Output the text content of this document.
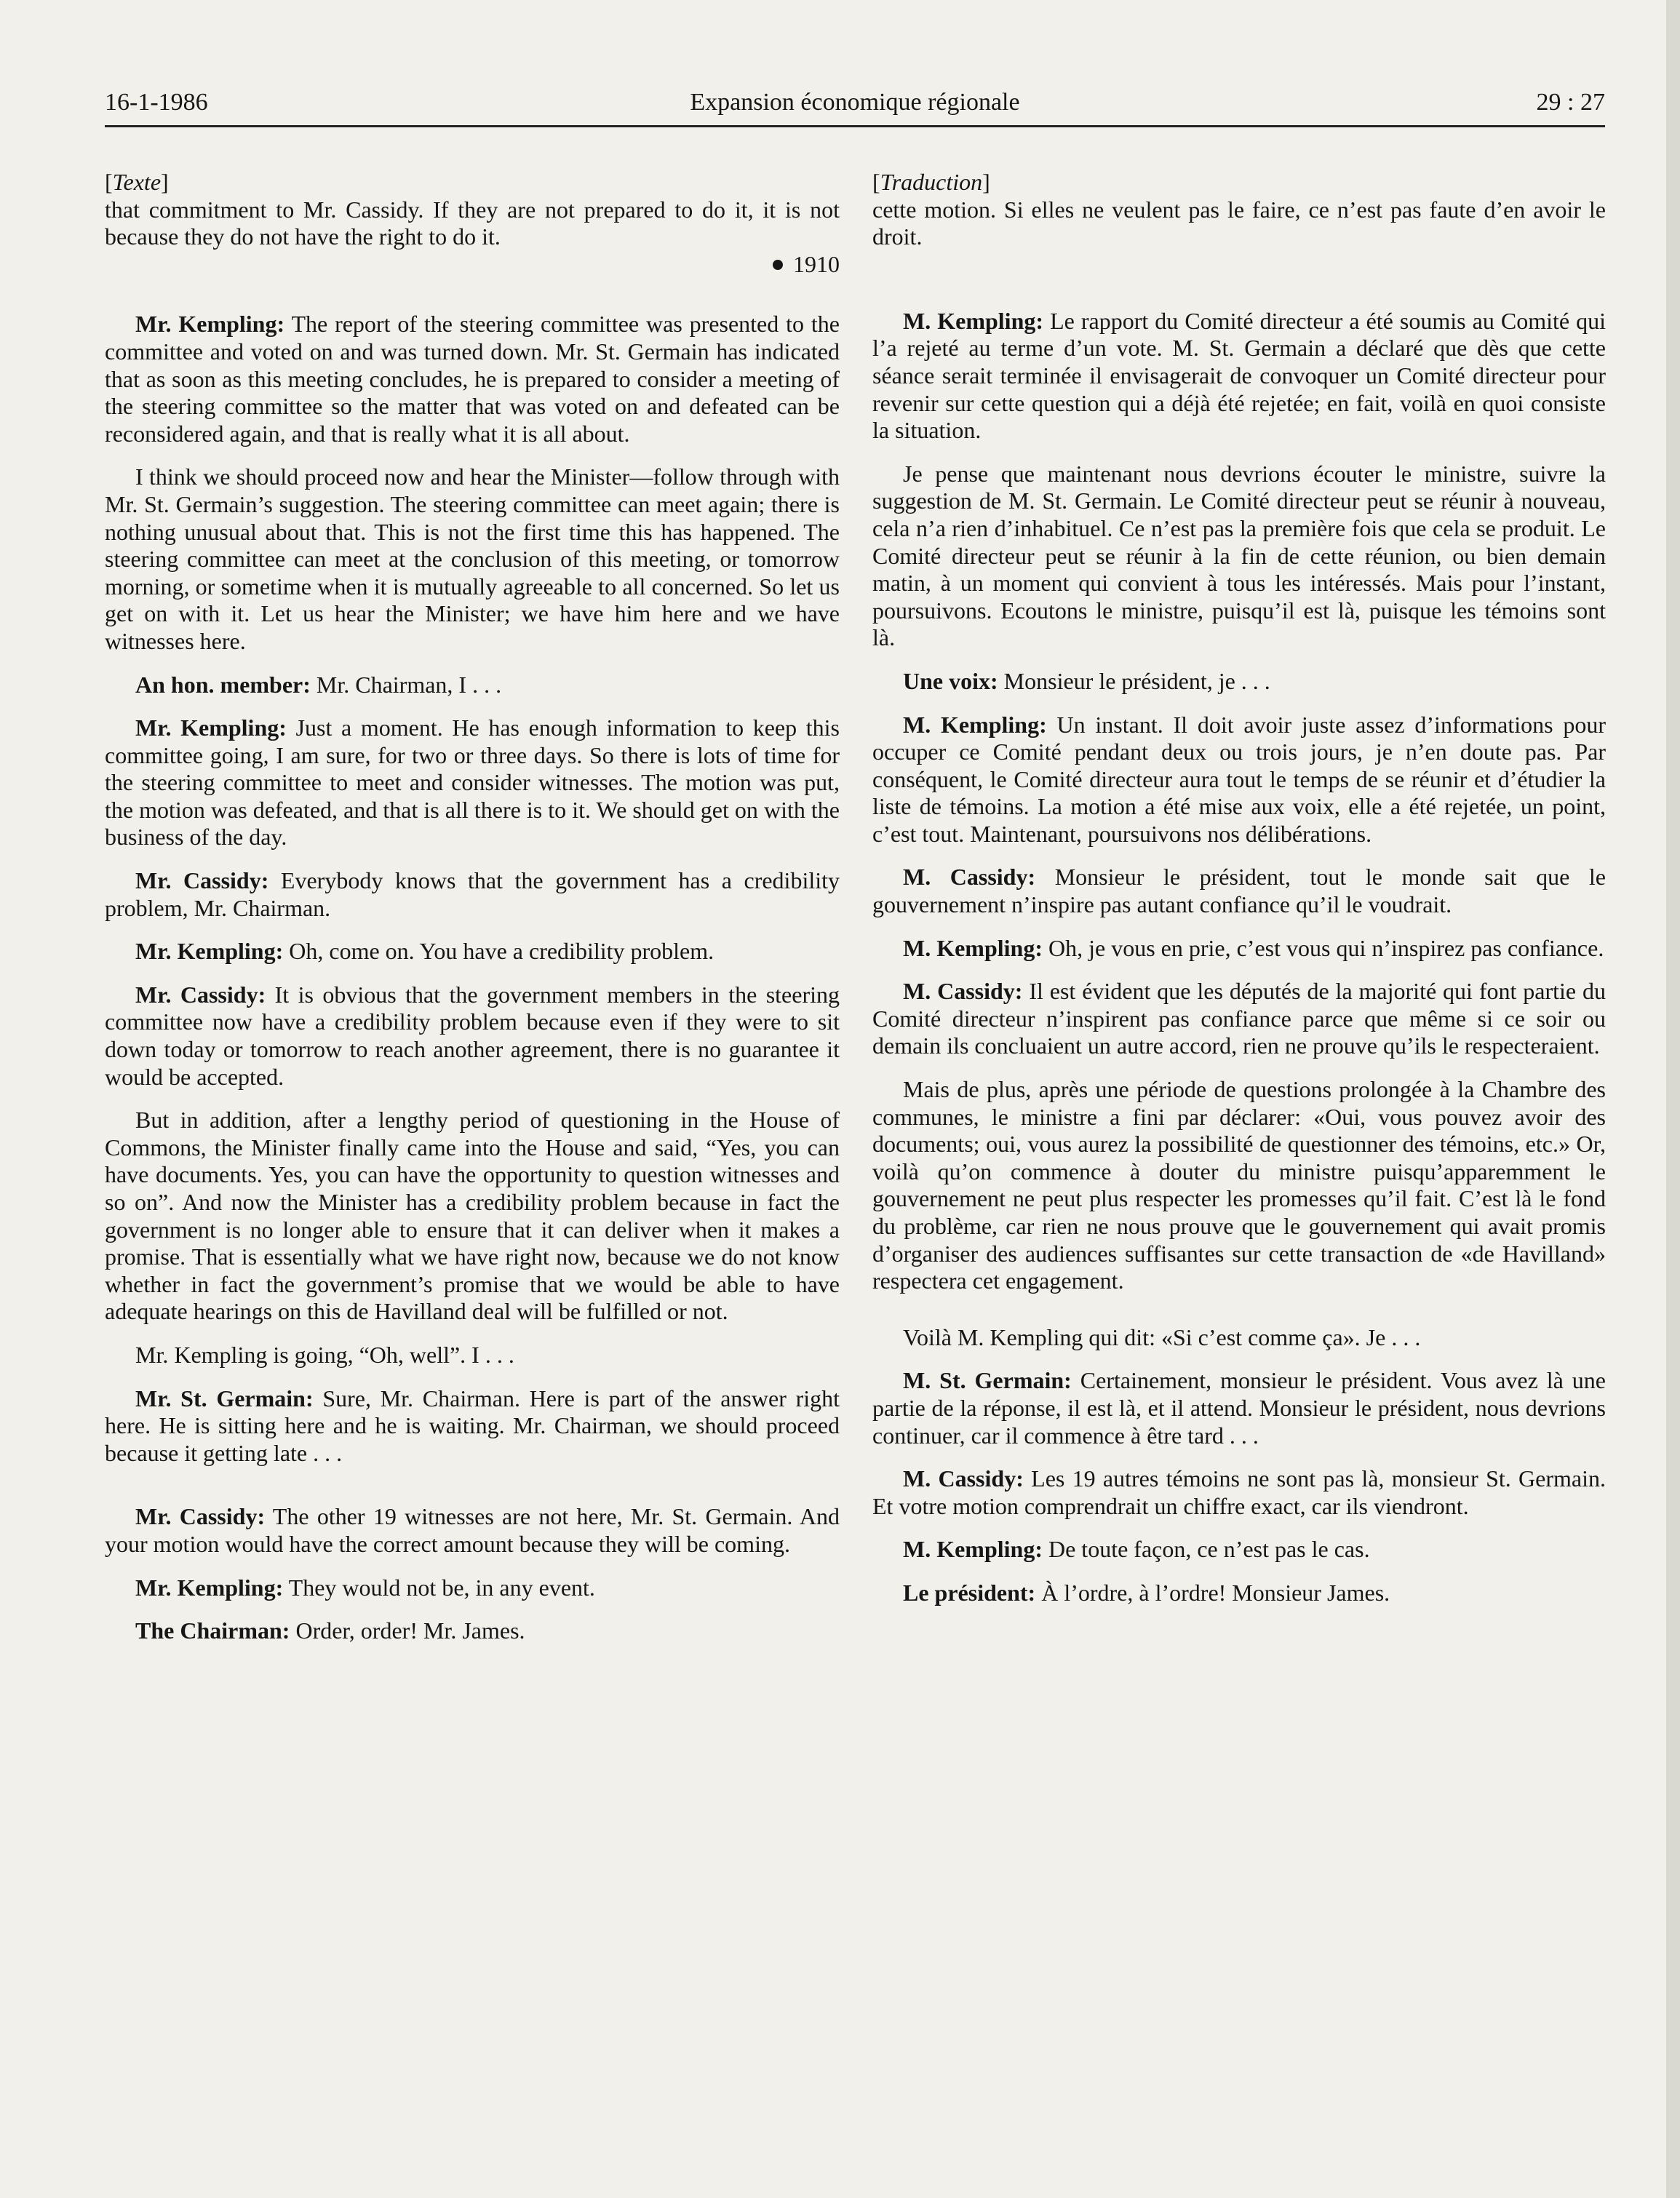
16-1-1986	Expansion économique régionale	29 : 27
[ Texte ]

that commitment to Mr. Cassidy. If they are not prepared to do it, it is not because they do not have the right to do it.

1910

Mr. Kempling: The report of the steering committee was presented to the committee and voted on and was turned down. Mr. St. Germain has indicated that as soon as this meeting concludes, he is prepared to consider a meeting of the steering committee so the matter that was voted on and defeated can be reconsidered again, and that is really what it is all about.

I think we should proceed now and hear the Minister—follow through with Mr. St. Germain’s suggestion. The steering committee can meet again; there is nothing unusual about that. This is not the first time this has happened. The steering committee can meet at the conclusion of this meeting, or tomorrow morning, or sometime when it is mutually agreeable to all concerned. So let us get on with it. Let us hear the Minister; we have him here and we have witnesses here.

An hon. member: Mr. Chairman, I . . .

Mr. Kempling: Just a moment. He has enough information to keep this committee going, I am sure, for two or three days. So there is lots of time for the steering committee to meet and consider witnesses. The motion was put, the motion was defeated, and that is all there is to it. We should get on with the business of the day.

Mr. Cassidy: Everybody knows that the government has a credibility problem, Mr. Chairman.

Mr. Kempling: Oh, come on. You have a credibility problem.

Mr. Cassidy: It is obvious that the government members in the steering committee now have a credibility problem because even if they were to sit down today or tomorrow to reach another agreement, there is no guarantee it would be accepted.

But in addition, after a lengthy period of questioning in the House of Commons, the Minister finally came into the House and said, “Yes, you can have documents. Yes, you can have the opportunity to question witnesses and so on”. And now the Minister has a credibility problem because in fact the government is no longer able to ensure that it can deliver when it makes a promise. That is essentially what we have right now, because we do not know whether in fact the government’s promise that we would be able to have adequate hearings on this de Havilland deal will be fulfilled or not.

Mr. Kempling is going, “Oh, well”. I . . .

Mr. St. Germain: Sure, Mr. Chairman. Here is part of the answer right here. He is sitting here and he is waiting. Mr. Chairman, we should proceed because it getting late . . .

Mr. Cassidy: The other 19 witnesses are not here, Mr. St. Germain. And your motion would have the correct amount because they will be coming.

Mr. Kempling: They would not be, in any event.

The Chairman: Order, order! Mr. James.

[ Traduction ]

cette motion. Si elles ne veulent pas le faire, ce n’est pas faute d’en avoir le droit.

M. Kempling: Le rapport du Comité directeur a été soumis au Comité qui l’a rejeté au terme d’un vote. M. St. Germain a déclaré que dès que cette séance serait terminée il envisagerait de convoquer un Comité directeur pour revenir sur cette question qui a déjà été rejetée; en fait, voilà en quoi consiste la situation.

Je pense que maintenant nous devrions écouter le ministre, suivre la suggestion de M. St. Germain. Le Comité directeur peut se réunir à nouveau, cela n’a rien d’inhabituel. Ce n’est pas la première fois que cela se produit. Le Comité directeur peut se réunir à la fin de cette réunion, ou bien demain matin, à un moment qui convient à tous les intéressés. Mais pour l’instant, poursuivons. Ecoutons le ministre, puisqu’il est là, puisque les témoins sont là.

Une voix: Monsieur le président, je . . .

M. Kempling: Un instant. Il doit avoir juste assez d’informations pour occuper ce Comité pendant deux ou trois jours, je n’en doute pas. Par conséquent, le Comité directeur aura tout le temps de se réunir et d’étudier la liste de témoins. La motion a été mise aux voix, elle a été rejetée, un point, c’est tout. Maintenant, poursuivons nos délibérations.

M. Cassidy: Monsieur le président, tout le monde sait que le gouvernement n’inspire pas autant confiance qu’il le voudrait.

M. Kempling: Oh, je vous en prie, c’est vous qui n’inspirez pas confiance.

M. Cassidy: Il est évident que les députés de la majorité qui font partie du Comité directeur n’inspirent pas confiance parce que même si ce soir ou demain ils concluaient un autre accord, rien ne prouve qu’ils le respecteraient.

Mais de plus, après une période de questions prolongée à la Chambre des communes, le ministre a fini par déclarer: «Oui, vous pouvez avoir des documents; oui, vous aurez la possibilité de questionner des témoins, etc.» Or, voilà qu’on commence à douter du ministre puisqu’apparemment le gouvernement ne peut plus respecter les promesses qu’il fait. C’est là le fond du problème, car rien ne nous prouve que le gouvernement qui avait promis d’organiser des audiences suffisantes sur cette transaction de «de Havilland» respectera cet engagement.

Voilà M. Kempling qui dit: «Si c’est comme ça». Je . . .

M. St. Germain: Certainement, monsieur le président. Vous avez là une partie de la réponse, il est là, et il attend. Monsieur le président, nous devrions continuer, car il commence à être tard . . .

M. Cassidy: Les 19 autres témoins ne sont pas là, monsieur St. Germain. Et votre motion comprendrait un chiffre exact, car ils viendront.

M. Kempling: De toute façon, ce n’est pas le cas.

Le président: À l’ordre, à l’ordre! Monsieur James.
